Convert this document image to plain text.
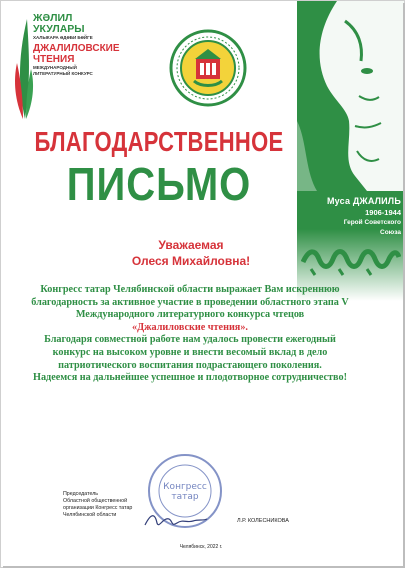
Муса ДЖАЛИЛЬ
1906-1944
Герой Советского
Союза
ЖӘЛИЛ
УКУЛАРЫ
ХАЛЫКАРА ӘДӘБИ БӘЙГЕ
ДЖАЛИЛОВСКИЕ
ЧТЕНИЯ
МЕЖДУНАРОДНЫЙ
ЛИТЕРАТУРНЫЙ КОНКУРС
БЛАГОДАРСТВЕННОЕ
ПИСЬМО
Уважаемая
Олеся Михайловна!
Конгресс татар Челябинской области выражает Вам искреннюю благодарность за активное участие в проведении областного этапа V Международного литературного конкурса чтецов
«Джалиловские чтения».
Благодаря совместной работе нам удалось провести ежегодный конкурс на высоком уровне и внести весомый вклад в дело патриотического воспитания подрастающего поколения.
Надеемся на дальнейшее успешное и плодотворное сотрудничество!
Конгресс
татар
Председатель
Областной общественной
организации Конгресс татар
Челябинской области
Л.Р. КОЛЕСНИКОВА
Челябинск, 2022 г.
